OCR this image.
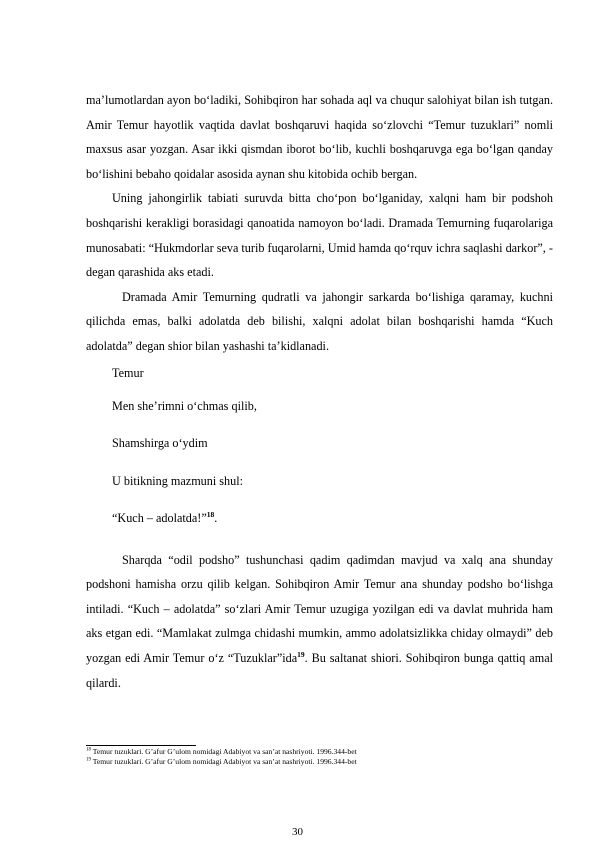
ma’lumotlardan ayon bo‘ladiki, Sohibqiron har sohada aql va chuqur salohiyat bilan ish tutgan. Amir Temur hayotlik vaqtida davlat boshqaruvi haqida so‘zlovchi “Temur tuzuklari” nomli maxsus asar yozgan. Asar ikki qismdan iborot bo‘lib, kuchli boshqaruvga ega bo‘lgan qanday bo‘lishini bebaho qoidalar asosida aynan shu kitobida ochib bergan.

Uning jahongirlik tabiati suruvda bitta cho‘pon bo‘lganiday, xalqni ham bir podshoh boshqarishi kerakligi borasidagi qanoatida namoyon bo‘ladi. Dramada Temurning fuqarolariga munosabati: “Hukmdorlar seva turib fuqarolarni, Umid hamda qo‘rquv ichra saqlashi darkor”, - degan qarashida aks etadi.

Dramada Amir Temurning qudratli va jahongir sarkarda bo‘lishiga qaramay, kuchni qilichda emas, balki adolatda deb bilishi, xalqni adolat bilan boshqarishi hamda “Kuch adolatda” degan shior bilan yashashi ta’kidlanadi.

Temur

Men she’rimni o‘chmas qilib,

Shamshirga o‘ydim

U bitikning mazmuni shul:

“Kuch – adolatda!”$^{18}$.

Sharqda “odil podsho” tushunchasi qadim qadimdan mavjud va xalq ana shunday podshoni hamisha orzu qilib kelgan. Sohibqiron Amir Temur ana shunday podsho bo‘lishga intiladi. “Kuch – adolatda” so‘zlari Amir Temur uzugiga yozilgan edi va davlat muhrida ham aks etgan edi. “Mamlakat zulmga chidashi mumkin, ammo adolatsizlikka chiday olmaydi” deb yozgan edi Amir Temur o‘z “Tuzuklar”ida$^{19}$. Bu saltanat shiori. Sohibqiron bunga qattiq amal qilardi.

$^{18}$ Temur tuzuklari. G’afur G’ulom nomidagi Adabiyot va san’at nashriyoti. 1996.344-bet

$^{19}$ Temur tuzuklari. G’afur G’ulom nomidagi Adabiyot va san’at nashriyoti. 1996.344-bet

30
